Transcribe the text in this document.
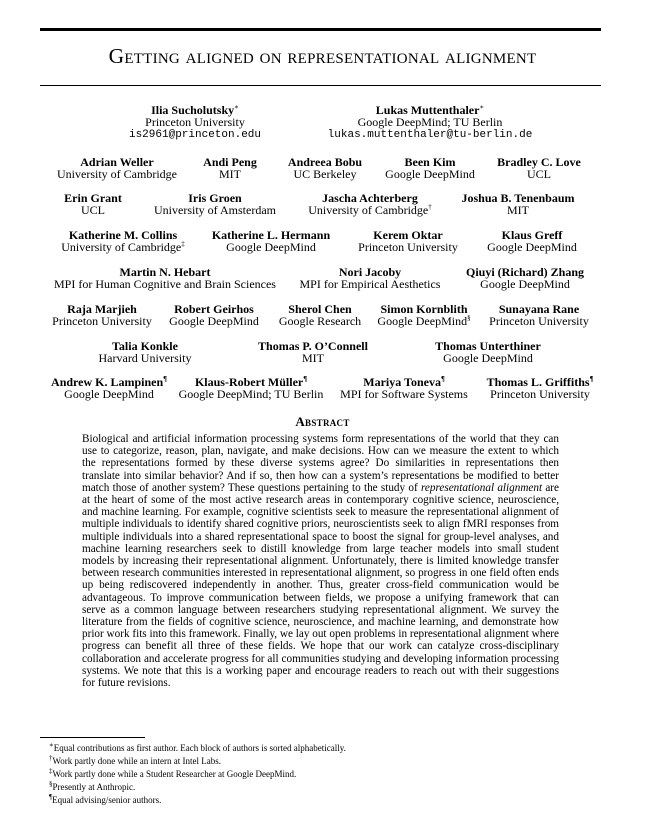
Getting aligned on representational alignment
Ilia Sucholutsky∗
Princeton University
is2961@princeton.edu
Lukas Muttenthaler∗
Google DeepMind; TU Berlin
lukas.muttenthaler@tu-berlin.de
Adrian Weller
University of Cambridge
Andi Peng
MIT
Andreea Bobu
UC Berkeley
Been Kim
Google DeepMind
Bradley C. Love
UCL
Erin Grant
UCL
Iris Groen
University of Amsterdam
Jascha Achterberg
University of Cambridge†
Joshua B. Tenenbaum
MIT
Katherine M. Collins
University of Cambridge‡
Katherine L. Hermann
Google DeepMind
Kerem Oktar
Princeton University
Klaus Greff
Google DeepMind
Martin N. Hebart
MPI for Human Cognitive and Brain Sciences
Nori Jacoby
MPI for Empirical Aesthetics
Qiuyi (Richard) Zhang
Google DeepMind
Raja Marjieh
Princeton University
Robert Geirhos
Google DeepMind
Sherol Chen
Google Research
Simon Kornblith
Google DeepMind§
Sunayana Rane
Princeton University
Talia Konkle
Harvard University
Thomas P. O’Connell
MIT
Thomas Unterthiner
Google DeepMind
Andrew K. Lampinen¶
Google DeepMind
Klaus-Robert Müller¶
Google DeepMind; TU Berlin
Mariya Toneva¶
MPI for Software Systems
Thomas L. Griffiths¶
Princeton University
Abstract
Biological and artificial information processing systems form representations of the world that they can use to categorize, reason, plan, navigate, and make decisions. How can we measure the extent to which the representations formed by these diverse systems agree? Do similarities in representations then translate into similar behavior? And if so, then how can a system’s representations be modified to better match those of another system? These questions pertaining to the study of representational alignment are at the heart of some of the most active research areas in contemporary cognitive science, neuroscience, and machine learning. For example, cognitive scientists seek to measure the representational alignment of multiple individuals to identify shared cognitive priors, neuroscientists seek to align fMRI responses from multiple individuals into a shared representational space to boost the signal for group-level analyses, and machine learning researchers seek to distill knowledge from large teacher models into small student models by increasing their representational alignment. Unfortunately, there is limited knowledge transfer between research communities interested in representational alignment, so progress in one field often ends up being rediscovered independently in another. Thus, greater cross-field communication would be advantageous. To improve communication between fields, we propose a unifying framework that can serve as a common language between researchers studying representational alignment. We survey the literature from the fields of cognitive science, neuroscience, and machine learning, and demonstrate how prior work fits into this framework. Finally, we lay out open problems in representational alignment where progress can benefit all three of these fields. We hope that our work can catalyze cross-disciplinary collaboration and accelerate progress for all communities studying and developing information processing systems. We note that this is a working paper and encourage readers to reach out with their suggestions for future revisions.
∗Equal contributions as first author. Each block of authors is sorted alphabetically.
†Work partly done while an intern at Intel Labs.
‡Work partly done while a Student Researcher at Google DeepMind.
§Presently at Anthropic.
¶Equal advising/senior authors.
